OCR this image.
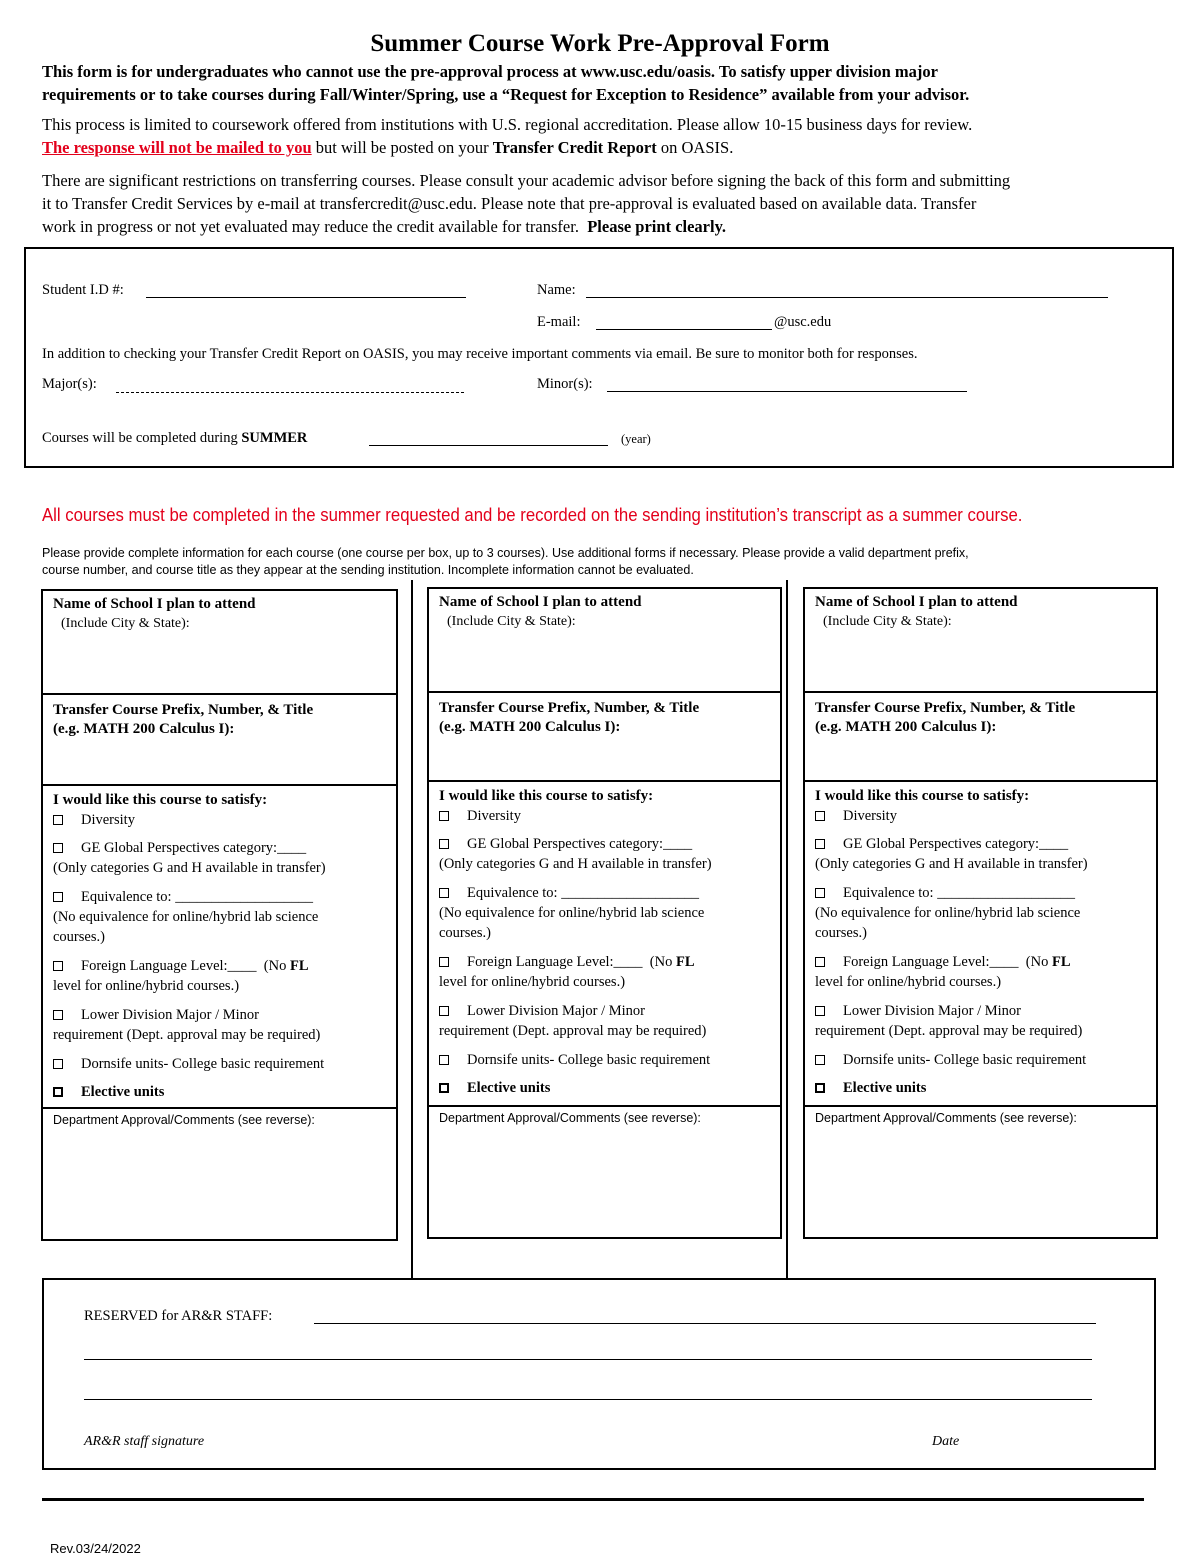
Summer Course Work Pre-Approval Form
This form is for undergraduates who cannot use the pre-approval process at www.usc.edu/oasis. To satisfy upper division major
requirements or to take courses during Fall/Winter/Spring, use a “Request for Exception to Residence” available from your advisor.
This process is limited to coursework offered from institutions with U.S. regional accreditation. Please allow 10-15 business days for review.
The response will not be mailed to you but will be posted on your Transfer Credit Report on OASIS.
There are significant restrictions on transferring courses. Please consult your academic advisor before signing the back of this form and submitting
it to Transfer Credit Services by e-mail at transfercredit@usc.edu. Please note that pre-approval is evaluated based on available data. Transfer
work in progress or not yet evaluated may reduce the credit available for transfer.  Please print clearly.
Student I.D #:	Name:
E-mail:	@usc.edu
In addition to checking your Transfer Credit Report on OASIS, you may receive important comments via email. Be sure to monitor both for responses.
Major(s):	Minor(s):
Courses will be completed during SUMMER	(year)
All courses must be completed in the summer requested and be recorded on the sending institution’s transcript as a summer course.
Please provide complete information for each course (one course per box, up to 3 courses). Use additional forms if necessary. Please provide a valid department prefix,
course number, and course title as they appear at the sending institution. Incomplete information cannot be evaluated.
Name of School I plan to attend
(Include City & State):
Transfer Course Prefix, Number, & Title
(e.g. MATH 200 Calculus I):
I would like this course to satisfy:
Diversity
GE Global Perspectives category:____
(Only categories G and H available in transfer)
Equivalence to: ___________________
(No equivalence for online/hybrid lab science
courses.)
Foreign Language Level:____  (No FL
level for online/hybrid courses.)
Lower Division Major / Minor
requirement (Dept. approval may be required)
Dornsife units- College basic requirement
Elective units
Department Approval/Comments (see reverse):
Name of School I plan to attend
(Include City & State):
Transfer Course Prefix, Number, & Title
(e.g. MATH 200 Calculus I):
I would like this course to satisfy:
Diversity
GE Global Perspectives category:____
(Only categories G and H available in transfer)
Equivalence to: ___________________
(No equivalence for online/hybrid lab science
courses.)
Foreign Language Level:____  (No FL
level for online/hybrid courses.)
Lower Division Major / Minor
requirement (Dept. approval may be required)
Dornsife units- College basic requirement
Elective units
Department Approval/Comments (see reverse):
Name of School I plan to attend
(Include City & State):
Transfer Course Prefix, Number, & Title
(e.g. MATH 200 Calculus I):
I would like this course to satisfy:
Diversity
GE Global Perspectives category:____
(Only categories G and H available in transfer)
Equivalence to: ___________________
(No equivalence for online/hybrid lab science
courses.)
Foreign Language Level:____  (No FL
level for online/hybrid courses.)
Lower Division Major / Minor
requirement (Dept. approval may be required)
Dornsife units- College basic requirement
Elective units
Department Approval/Comments (see reverse):
RESERVED for AR&R STAFF:
AR&R staff signature	Date
Rev.03/24/2022
